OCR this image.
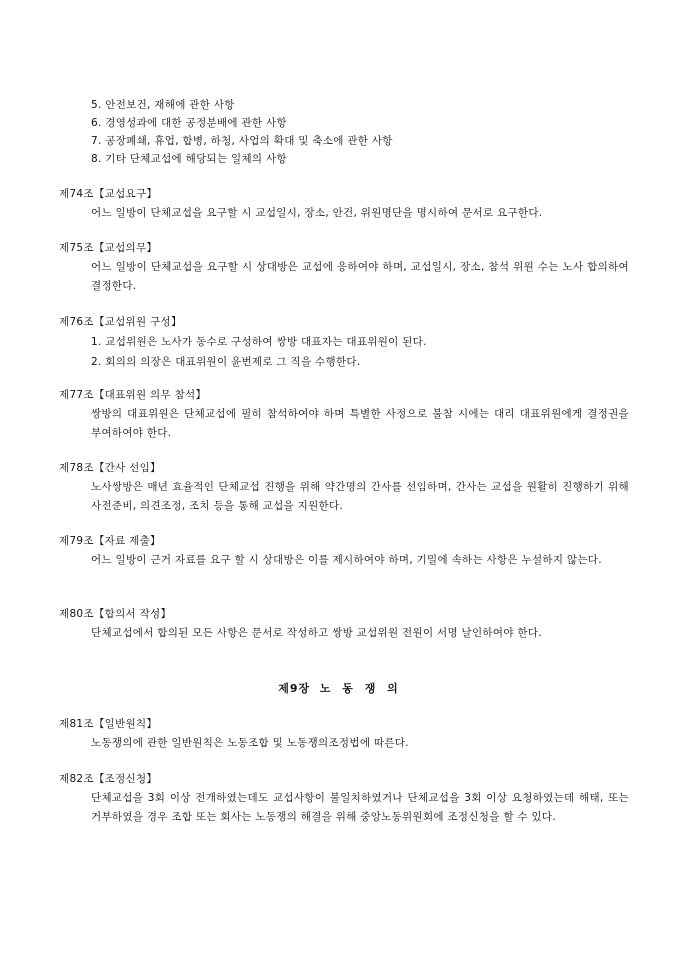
5. 안전보건, 재해에 관한 사항
6. 경영성과에 대한 공정분배에 관한 사항
7. 공장폐쇄, 휴업, 합병, 하청, 사업의 확대 및 축소에 관한 사항
8. 기타 단체교섭에 해당되는 일체의 사항
제74조【교섭요구】

어느 일방이 단체교섭을 요구할 시 교섭일시, 장소, 안건, 위원명단을 명시하여 문서로 요구한다.

제75조【교섭의무】

어느 일방이 단체교섭을 요구할 시 상대방은 교섭에 응하여야 하며, 교섭일시, 장소, 참석 위원 수는 노사 합의하여 결정한다.

제76조【교섭위원 구성】
1. 교섭위원은 노사가 동수로 구성하여 쌍방 대표자는 대표위원이 된다.
2. 회의의 의장은 대표위원이 윤번제로 그 직을 수행한다.
제77조【대표위원 의무 참석】

쌍방의 대표위원은 단체교섭에 필히 참석하여야 하며 특별한 사정으로 불참 시에는 대리 대표위원에게 결정권을 부여하여야 한다.

제78조【간사 선임】

노사쌍방은 매년 효율적인 단체교섭 진행을 위해 약간명의 간사를 선임하며, 간사는 교섭을 원활히 진행하기 위해 사전준비, 의견조정, 조치 등을 통해 교섭을 지원한다.

제79조【자료 제출】

어느 일방이 근거 자료를 요구 할 시 상대방은 이를 제시하여야 하며, 기밀에 속하는 사항은 누설하지 않는다.

제80조【합의서 작성】

단체교섭에서 합의된 모든 사항은 문서로 작성하고 쌍방 교섭위원 전원이 서명 날인하여야 한다.

제9장 노 동 쟁 의
제81조【일반원칙】

노동쟁의에 관한 일반원칙은 노동조합 및 노동쟁의조정법에 따른다.

제82조【조정신청】

단체교섭을 3회 이상 전개하였는데도 교섭사항이 불일치하였거나 단체교섭을 3회 이상 요청하였는데 해태, 또는 거부하였을 경우 조합 또는 회사는 노동쟁의 해결을 위해 중앙노동위원회에 조정신청을 할 수 있다.
